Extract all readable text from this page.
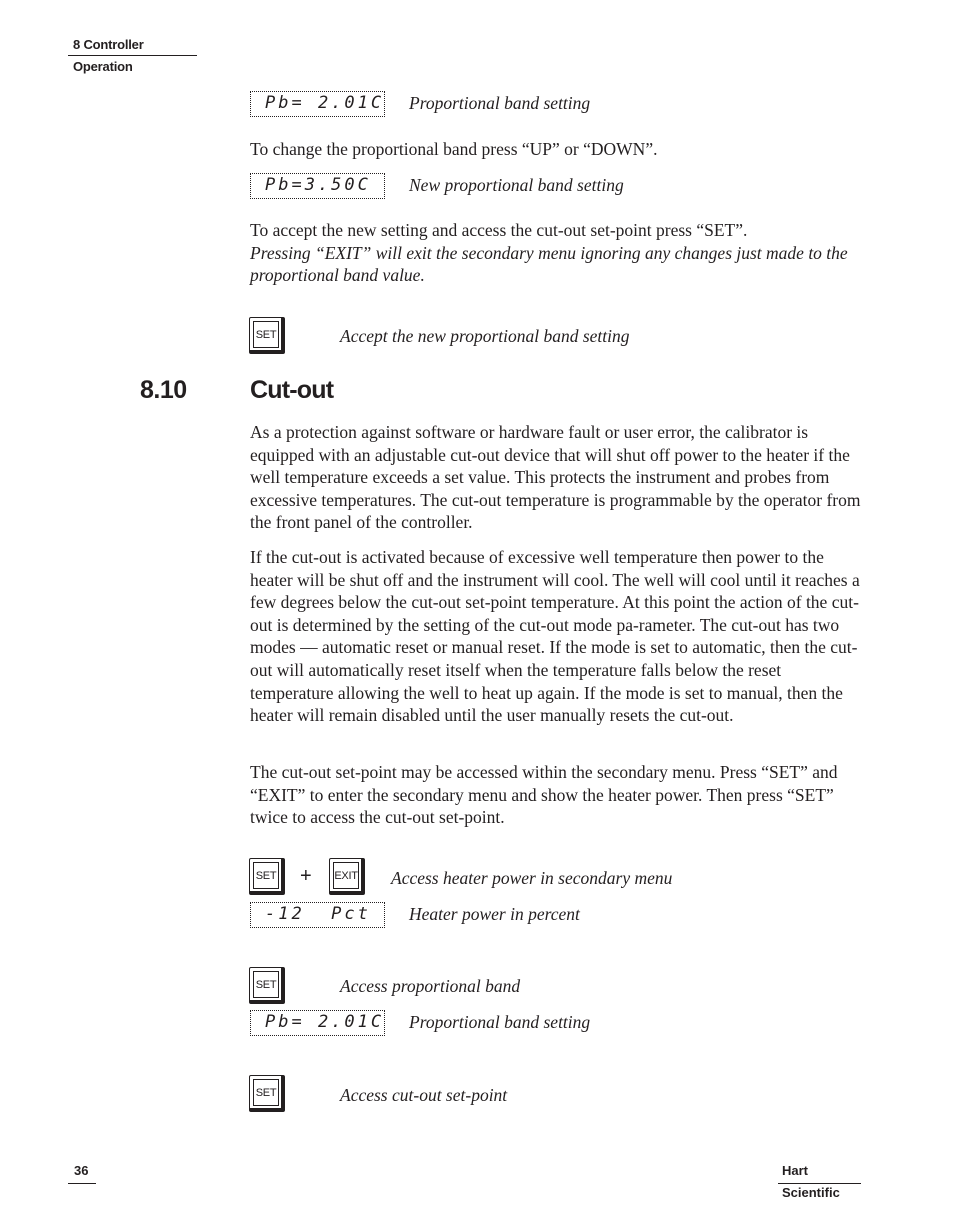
8 Controller Operation
Pb= 2.01C Proportional band setting

To change the proportional band press “UP” or “DOWN”.

Pb=3.50C	New proportional band setting

To accept the new setting and access the cut-out set-point press “SET”.
Pressing “EXIT” will exit the secondary menu ignoring any changes just made to the proportional band value.

SET	Accept the new proportional band setting
8.10	Cut-out

As a protection against software or hardware fault or user error, the calibrator is equipped with an adjustable cut-out device that will shut off power to the heater if the well temperature exceeds a set value. This protects the instrument and probes from excessive temperatures. The cut-out temperature is programmable by the operator from the front panel of the controller.

If the cut-out is activated because of excessive well temperature then power to the heater will be shut off and the instrument will cool. The well will cool until it reaches a few degrees below the cut-out set-point temperature. At this point the action of the cut-out is determined by the setting of the cut-out mode pa-rameter. The cut-out has two modes — automatic reset or manual reset. If the mode is set to automatic, then the cut-out will automatically reset itself when the temperature falls below the reset temperature allowing the well to heat up again. If the mode is set to manual, then the heater will remain disabled until the user manually resets the cut-out.

The cut-out set-point may be accessed within the secondary menu. Press “SET” and “EXIT” to enter the secondary menu and show the heater power. Then press “SET” twice to access the cut-out set-point.

SET + EXIT Access heater power in secondary menu
-12  Pct	Heater power in percent
SET	Access proportional band
Pb= 2.01C Proportional band setting
SET	Access cut-out set-point
36	Hart Scientific
